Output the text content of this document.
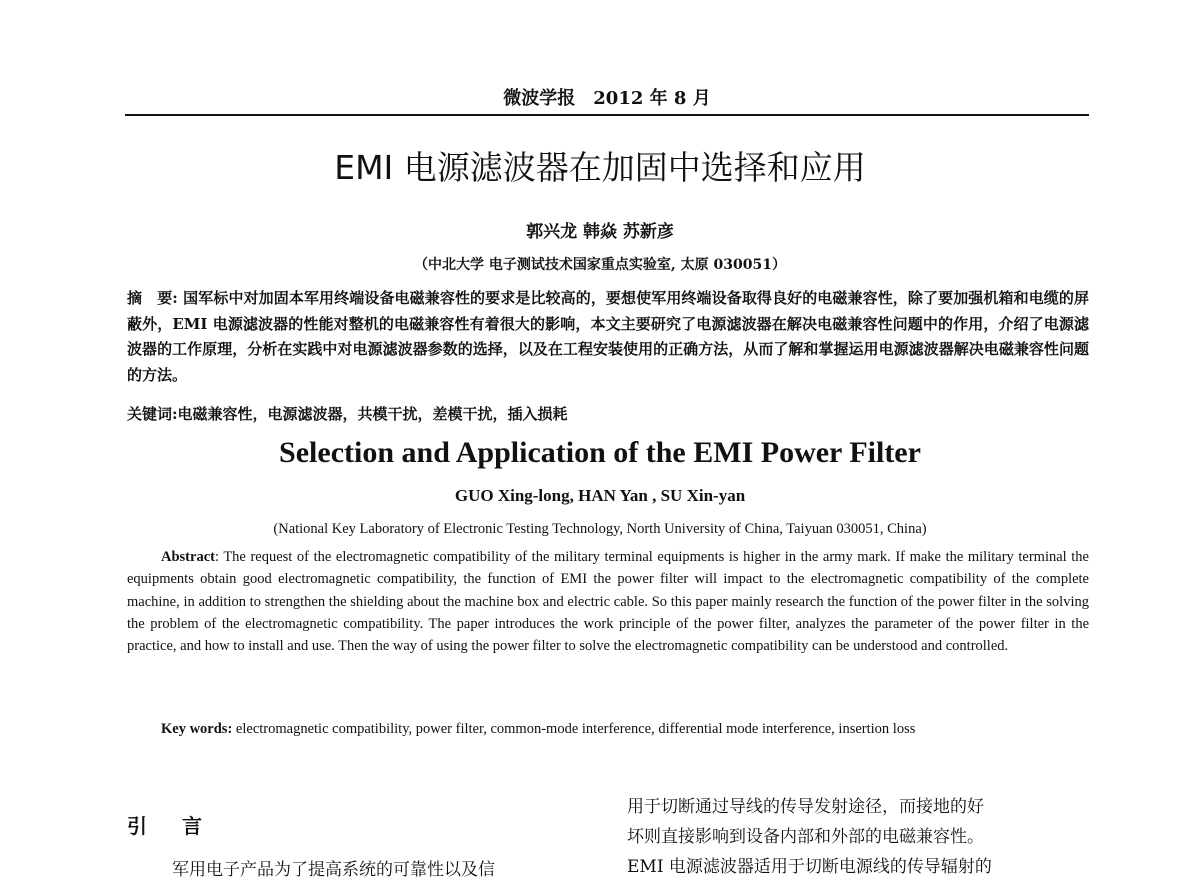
微波学报　2012 年 8 月
EMI 电源滤波器在加固中选择和应用
郭兴龙 韩焱 苏新彦
（中北大学 电子测试技术国家重点实验室, 太原 030051）
摘　要: 国军标中对加固本军用终端设备电磁兼容性的要求是比较高的，要想使军用终端设备取得良好的电磁兼容性，除了要加强机箱和电缆的屏蔽外，EMI 电源滤波器的性能对整机的电磁兼容性有着很大的影响，本文主要研究了电源滤波器在解决电磁兼容性问题中的作用，介绍了电源滤波器的工作原理，分析在实践中对电源滤波器参数的选择，以及在工程安装使用的正确方法，从而了解和掌握运用电源滤波器解决电磁兼容性问题的方法。
关键词:电磁兼容性，电源滤波器，共模干扰，差模干扰，插入损耗
Selection and Application of the EMI Power Filter
GUO Xing-long, HAN Yan , SU Xin-yan
(National Key Laboratory of Electronic Testing Technology, North University of China, Taiyuan 030051, China)
Abstract: The request of the electromagnetic compatibility of the military terminal equipments is higher in the army mark. If make the military terminal the equipments obtain good electromagnetic compatibility, the function of EMI the power filter will impact to the electromagnetic compatibility of the complete machine, in addition to strengthen the shielding about the machine box and electric cable. So this paper mainly research the function of the power filter in the solving the problem of the electromagnetic compatibility. The paper introduces the work principle of the power filter, analyzes the parameter of the power filter in the practice, and how to install and use. Then the way of using the power filter to solve the electromagnetic compatibility can be understood and controlled.
Key words: electromagnetic compatibility, power filter, common-mode interference, differential mode interference, insertion loss
引 言
军用电子产品为了提高系统的可靠性以及信

用于切断通过导线的传导发射途径，而接地的好

坏则直接影响到设备内部和外部的电磁兼容性。

EMI 电源滤波器适用于切断电源线的传导辐射的
